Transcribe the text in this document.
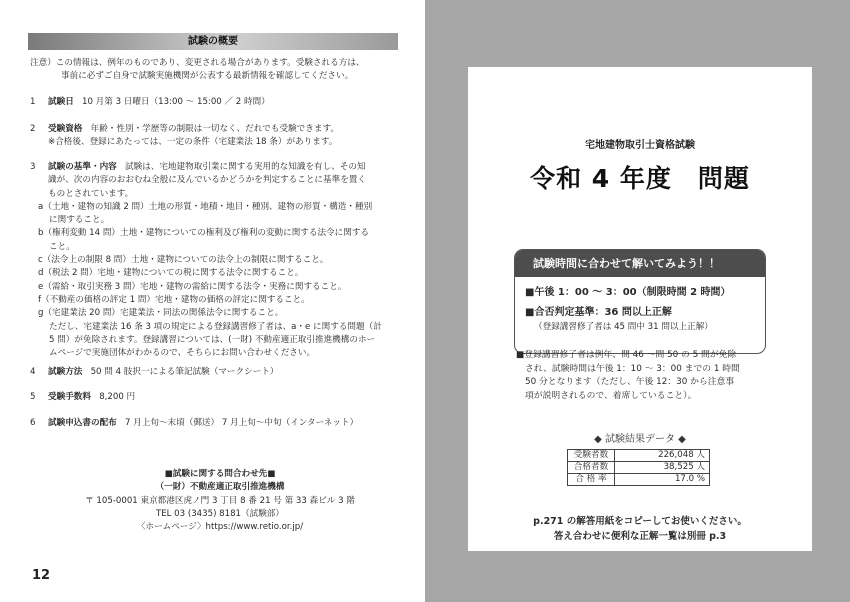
試験の概要
注意）この情報は、例年のものであり、変更される場合があります。受験される方は、
事前に必ずご自身で試験実施機関が公表する最新情報を確認してください。
1 試験日 10 月第 3 日曜日（13:00 〜 15:00 ／ 2 時間）
2 受験資格 年齢・性別・学歴等の制限は一切なく、だれでも受験できます。
※合格後、登録にあたっては、一定の条件（宅建業法 18 条）があります。
3 試験の基準・内容 試験は、宅地建物取引業に関する実用的な知識を有し、その知
識が、次の内容のおおむね全般に及んでいるかどうかを判定することに基準を置く
ものとされています。
a（土地・建物の知識 2 問）土地の形質・地積・地目・種別、建物の形質・構造・種別
に関すること。
b（権利変動 14 問）土地・建物についての権利及び権利の変動に関する法令に関する
こと。
c（法令上の制限 8 問）土地・建物についての法令上の制限に関すること。
d（税法 2 問）宅地・建物についての税に関する法令に関すること。
e（需給・取引実務 3 問）宅地・建物の需給に関する法令・実務に関すること。
f（不動産の価格の評定 1 問）宅地・建物の価格の評定に関すること。
g（宅建業法 20 問）宅建業法・同法の関係法令に関すること。
ただし、宅建業法 16 条 3 項の規定による登録講習修了者は、a・e に関する問題（計
5 問）が免除されます。登録講習については、(一財) 不動産適正取引推進機構のホー
ムページで実施団体がわかるので、そちらにお問い合わせください。
4 試験方法 50 問 4 肢択一による筆記試験（マークシート）
5 受験手数料 8,200 円
6 試験申込書の配布 7 月上旬〜末頃（郵送） 7 月上旬〜中旬（インターネット）
■試験に関する問合わせ先■
（一財）不動産適正取引推進機構
〒 105-0001 東京都港区虎ノ門 3 丁目 8 番 21 号 第 33 森ビル 3 階
TEL 03 (3435) 8181（試験部）
〈ホームページ〉https://www.retio.or.jp/
12
宅地建物取引士資格試験
令和 4 年度　問題
試験時間に合わせて解いてみよう！！
■午後 1：00 〜 3：00（制限時間 2 時間）
■合否判定基準：36 問以上正解
（登録講習修了者は 45 問中 31 問以上正解）
■登録講習修了者は例年、問 46 〜問 50 の 5 問が免除
され、試験時間は午後 1：10 〜 3：00 までの 1 時間
50 分となります（ただし、午後 12：30 から注意事
項が説明されるので、着席していること）。
◆ 試験結果データ ◆
受験者数	226,048 人
合格者数	38,525 人
合 格 率	17.0 %
p.271 の解答用紙をコピーしてお使いください。
答え合わせに便利な正解一覧は別冊 p.3
